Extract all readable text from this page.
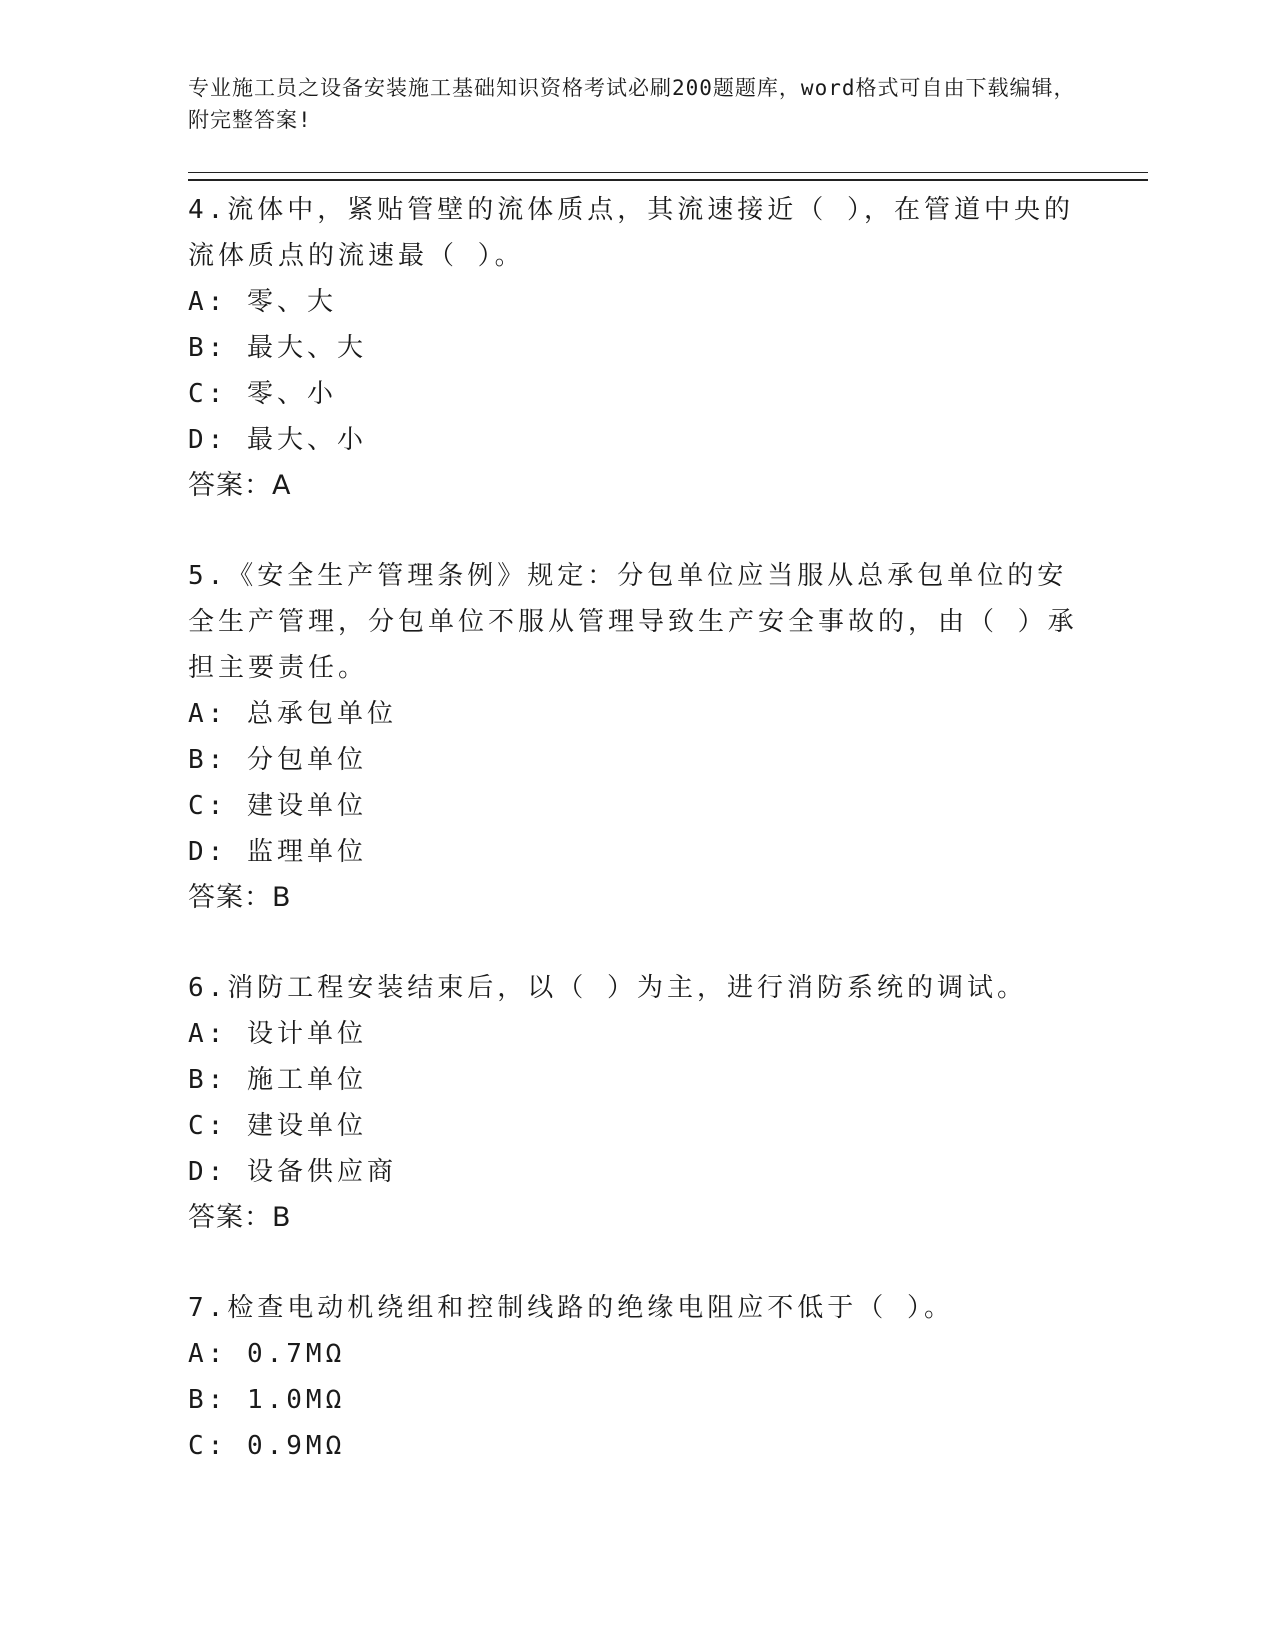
专业施工员之设备安装施工基础知识资格考试必刷200题题库，word格式可自由下载编辑，附完整答案!

4.流体中，紧贴管壁的流体质点，其流速接近（ ），在管道中央的流体质点的流速最（ ）。

A: 零、大

B: 最大、大

C: 零、小

D: 最大、小

答案：A

5.《安全生产管理条例》规定：分包单位应当服从总承包单位的安全生产管理，分包单位不服从管理导致生产安全事故的，由（ ）承担主要责任。

A: 总承包单位

B: 分包单位

C: 建设单位

D: 监理单位

答案：B

6.消防工程安装结束后，以（ ）为主，进行消防系统的调试。

A: 设计单位

B: 施工单位

C: 建设单位

D: 设备供应商

答案：B

7.检查电动机绕组和控制线路的绝缘电阻应不低于（ ）。

A: 0.7MΩ

B: 1.0MΩ

C: 0.9MΩ
